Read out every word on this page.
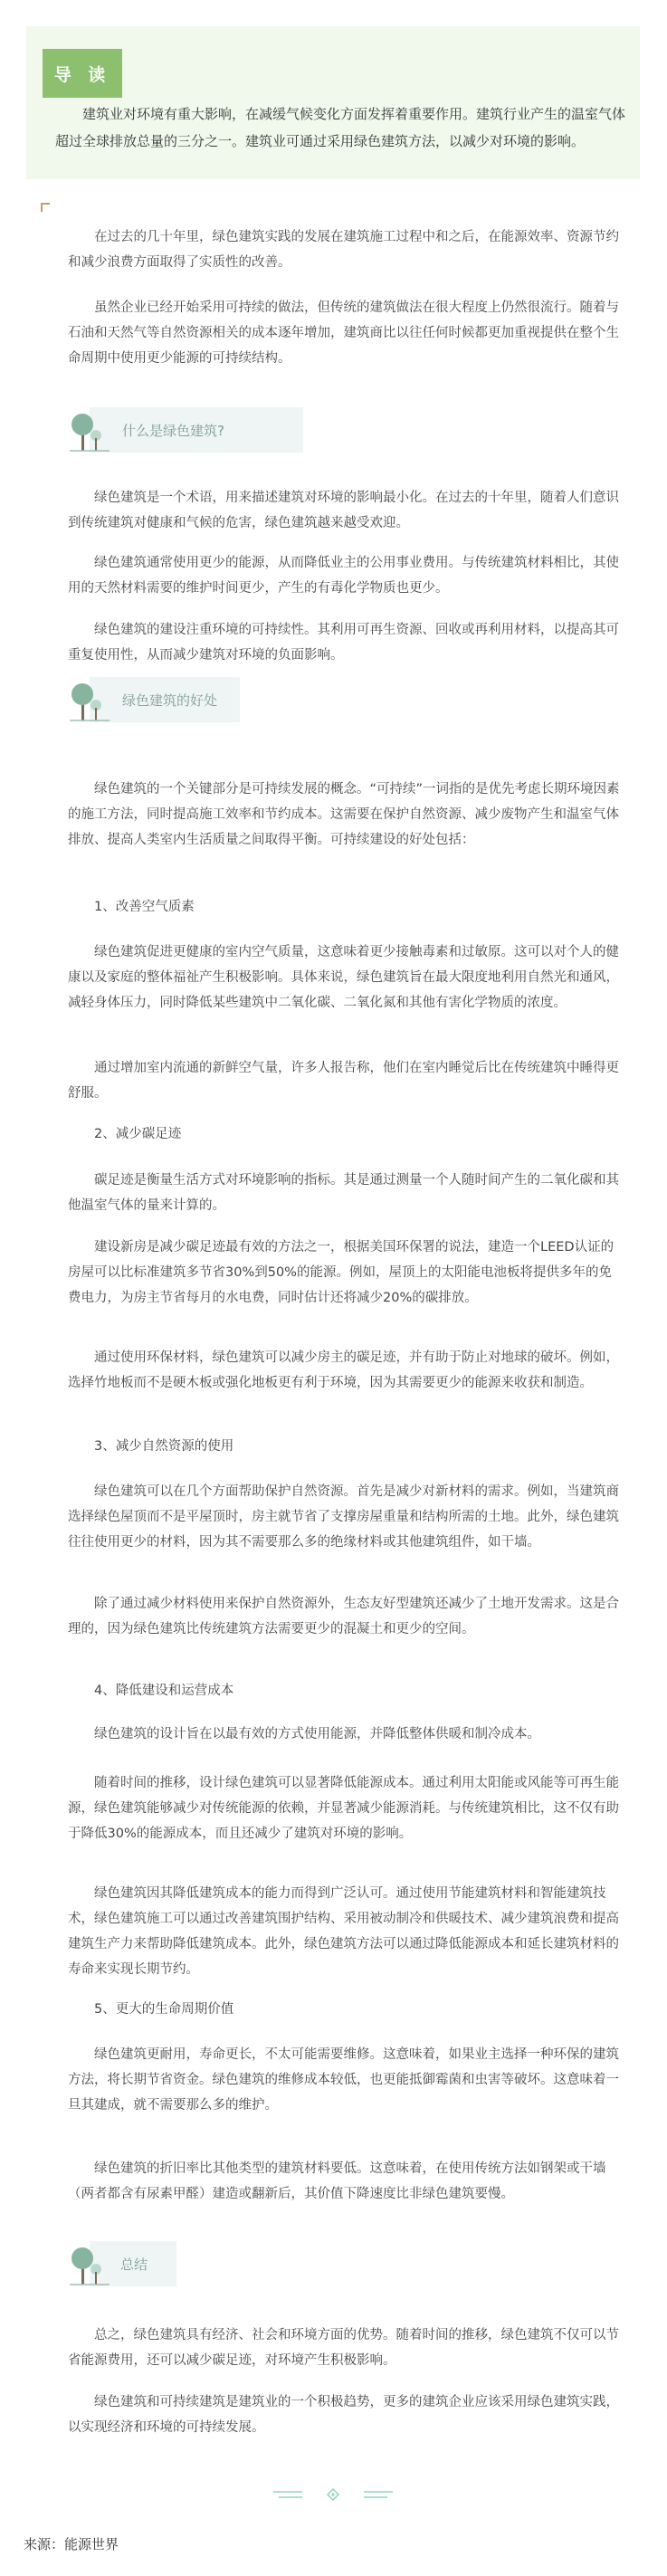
导 读

建筑业对环境有重大影响，在减缓气候变化方面发挥着重要作用。建筑行业产生的温室气体超过全球排放总量的三分之一。建筑业可通过采用绿色建筑方法，以减少对环境的影响。

在过去的几十年里，绿色建筑实践的发展在建筑施工过程中和之后，在能源效率、资源节约和减少浪费方面取得了实质性的改善。

虽然企业已经开始采用可持续的做法，但传统的建筑做法在很大程度上仍然很流行。随着与石油和天然气等自然资源相关的成本逐年增加，建筑商比以往任何时候都更加重视提供在整个生命周期中使用更少能源的可持续结构。

什么是绿色建筑?

绿色建筑是一个术语，用来描述建筑对环境的影响最小化。在过去的十年里，随着人们意识到传统建筑对健康和气候的危害，绿色建筑越来越受欢迎。

绿色建筑通常使用更少的能源，从而降低业主的公用事业费用。与传统建筑材料相比，其使用的天然材料需要的维护时间更少，产生的有毒化学物质也更少。

绿色建筑的建设注重环境的可持续性。其利用可再生资源、回收或再利用材料，以提高其可重复使用性，从而减少建筑对环境的负面影响。

绿色建筑的好处

绿色建筑的一个关键部分是可持续发展的概念。“可持续”一词指的是优先考虑长期环境因素的施工方法，同时提高施工效率和节约成本。这需要在保护自然资源、减少废物产生和温室气体排放、提高人类室内生活质量之间取得平衡。可持续建设的好处包括：

1、改善空气质素

绿色建筑促进更健康的室内空气质量，这意味着更少接触毒素和过敏原。这可以对个人的健康以及家庭的整体福祉产生积极影响。具体来说，绿色建筑旨在最大限度地利用自然光和通风，减轻身体压力，同时降低某些建筑中二氧化碳、二氧化氮和其他有害化学物质的浓度。

通过增加室内流通的新鲜空气量，许多人报告称，他们在室内睡觉后比在传统建筑中睡得更舒服。

2、减少碳足迹

碳足迹是衡量生活方式对环境影响的指标。其是通过测量一个人随时间产生的二氧化碳和其他温室气体的量来计算的。

建设新房是减少碳足迹最有效的方法之一，根据美国环保署的说法，建造一个LEED认证的房屋可以比标准建筑多节省30%到50%的能源。例如，屋顶上的太阳能电池板将提供多年的免费电力，为房主节省每月的水电费，同时估计还将减少20%的碳排放。

通过使用环保材料，绿色建筑可以减少房主的碳足迹，并有助于防止对地球的破坏。例如，选择竹地板而不是硬木板或强化地板更有利于环境，因为其需要更少的能源来收获和制造。

3、减少自然资源的使用

绿色建筑可以在几个方面帮助保护自然资源。首先是减少对新材料的需求。例如，当建筑商选择绿色屋顶而不是平屋顶时，房主就节省了支撑房屋重量和结构所需的土地。此外，绿色建筑往往使用更少的材料，因为其不需要那么多的绝缘材料或其他建筑组件，如干墙。

除了通过减少材料使用来保护自然资源外，生态友好型建筑还减少了土地开发需求。这是合理的，因为绿色建筑比传统建筑方法需要更少的混凝土和更少的空间。

4、降低建设和运营成本

绿色建筑的设计旨在以最有效的方式使用能源，并降低整体供暖和制冷成本。

随着时间的推移，设计绿色建筑可以显著降低能源成本。通过利用太阳能或风能等可再生能源，绿色建筑能够减少对传统能源的依赖，并显著减少能源消耗。与传统建筑相比，这不仅有助于降低30%的能源成本，而且还减少了建筑对环境的影响。

绿色建筑因其降低建筑成本的能力而得到广泛认可。通过使用节能建筑材料和智能建筑技术，绿色建筑施工可以通过改善建筑围护结构、采用被动制冷和供暖技术、减少建筑浪费和提高建筑生产力来帮助降低建筑成本。此外，绿色建筑方法可以通过降低能源成本和延长建筑材料的寿命来实现长期节约。

5、更大的生命周期价值

绿色建筑更耐用，寿命更长，不太可能需要维修。这意味着，如果业主选择一种环保的建筑方法，将长期节省资金。绿色建筑的维修成本较低，也更能抵御霉菌和虫害等破坏。这意味着一旦其建成，就不需要那么多的维护。

绿色建筑的折旧率比其他类型的建筑材料要低。这意味着，在使用传统方法如钢架或干墙（两者都含有尿素甲醛）建造或翻新后，其价值下降速度比非绿色建筑要慢。

总结

总之，绿色建筑具有经济、社会和环境方面的优势。随着时间的推移，绿色建筑不仅可以节省能源费用，还可以减少碳足迹，对环境产生积极影响。

绿色建筑和可持续建筑是建筑业的一个积极趋势，更多的建筑企业应该采用绿色建筑实践，以实现经济和环境的可持续发展。

来源：能源世界
